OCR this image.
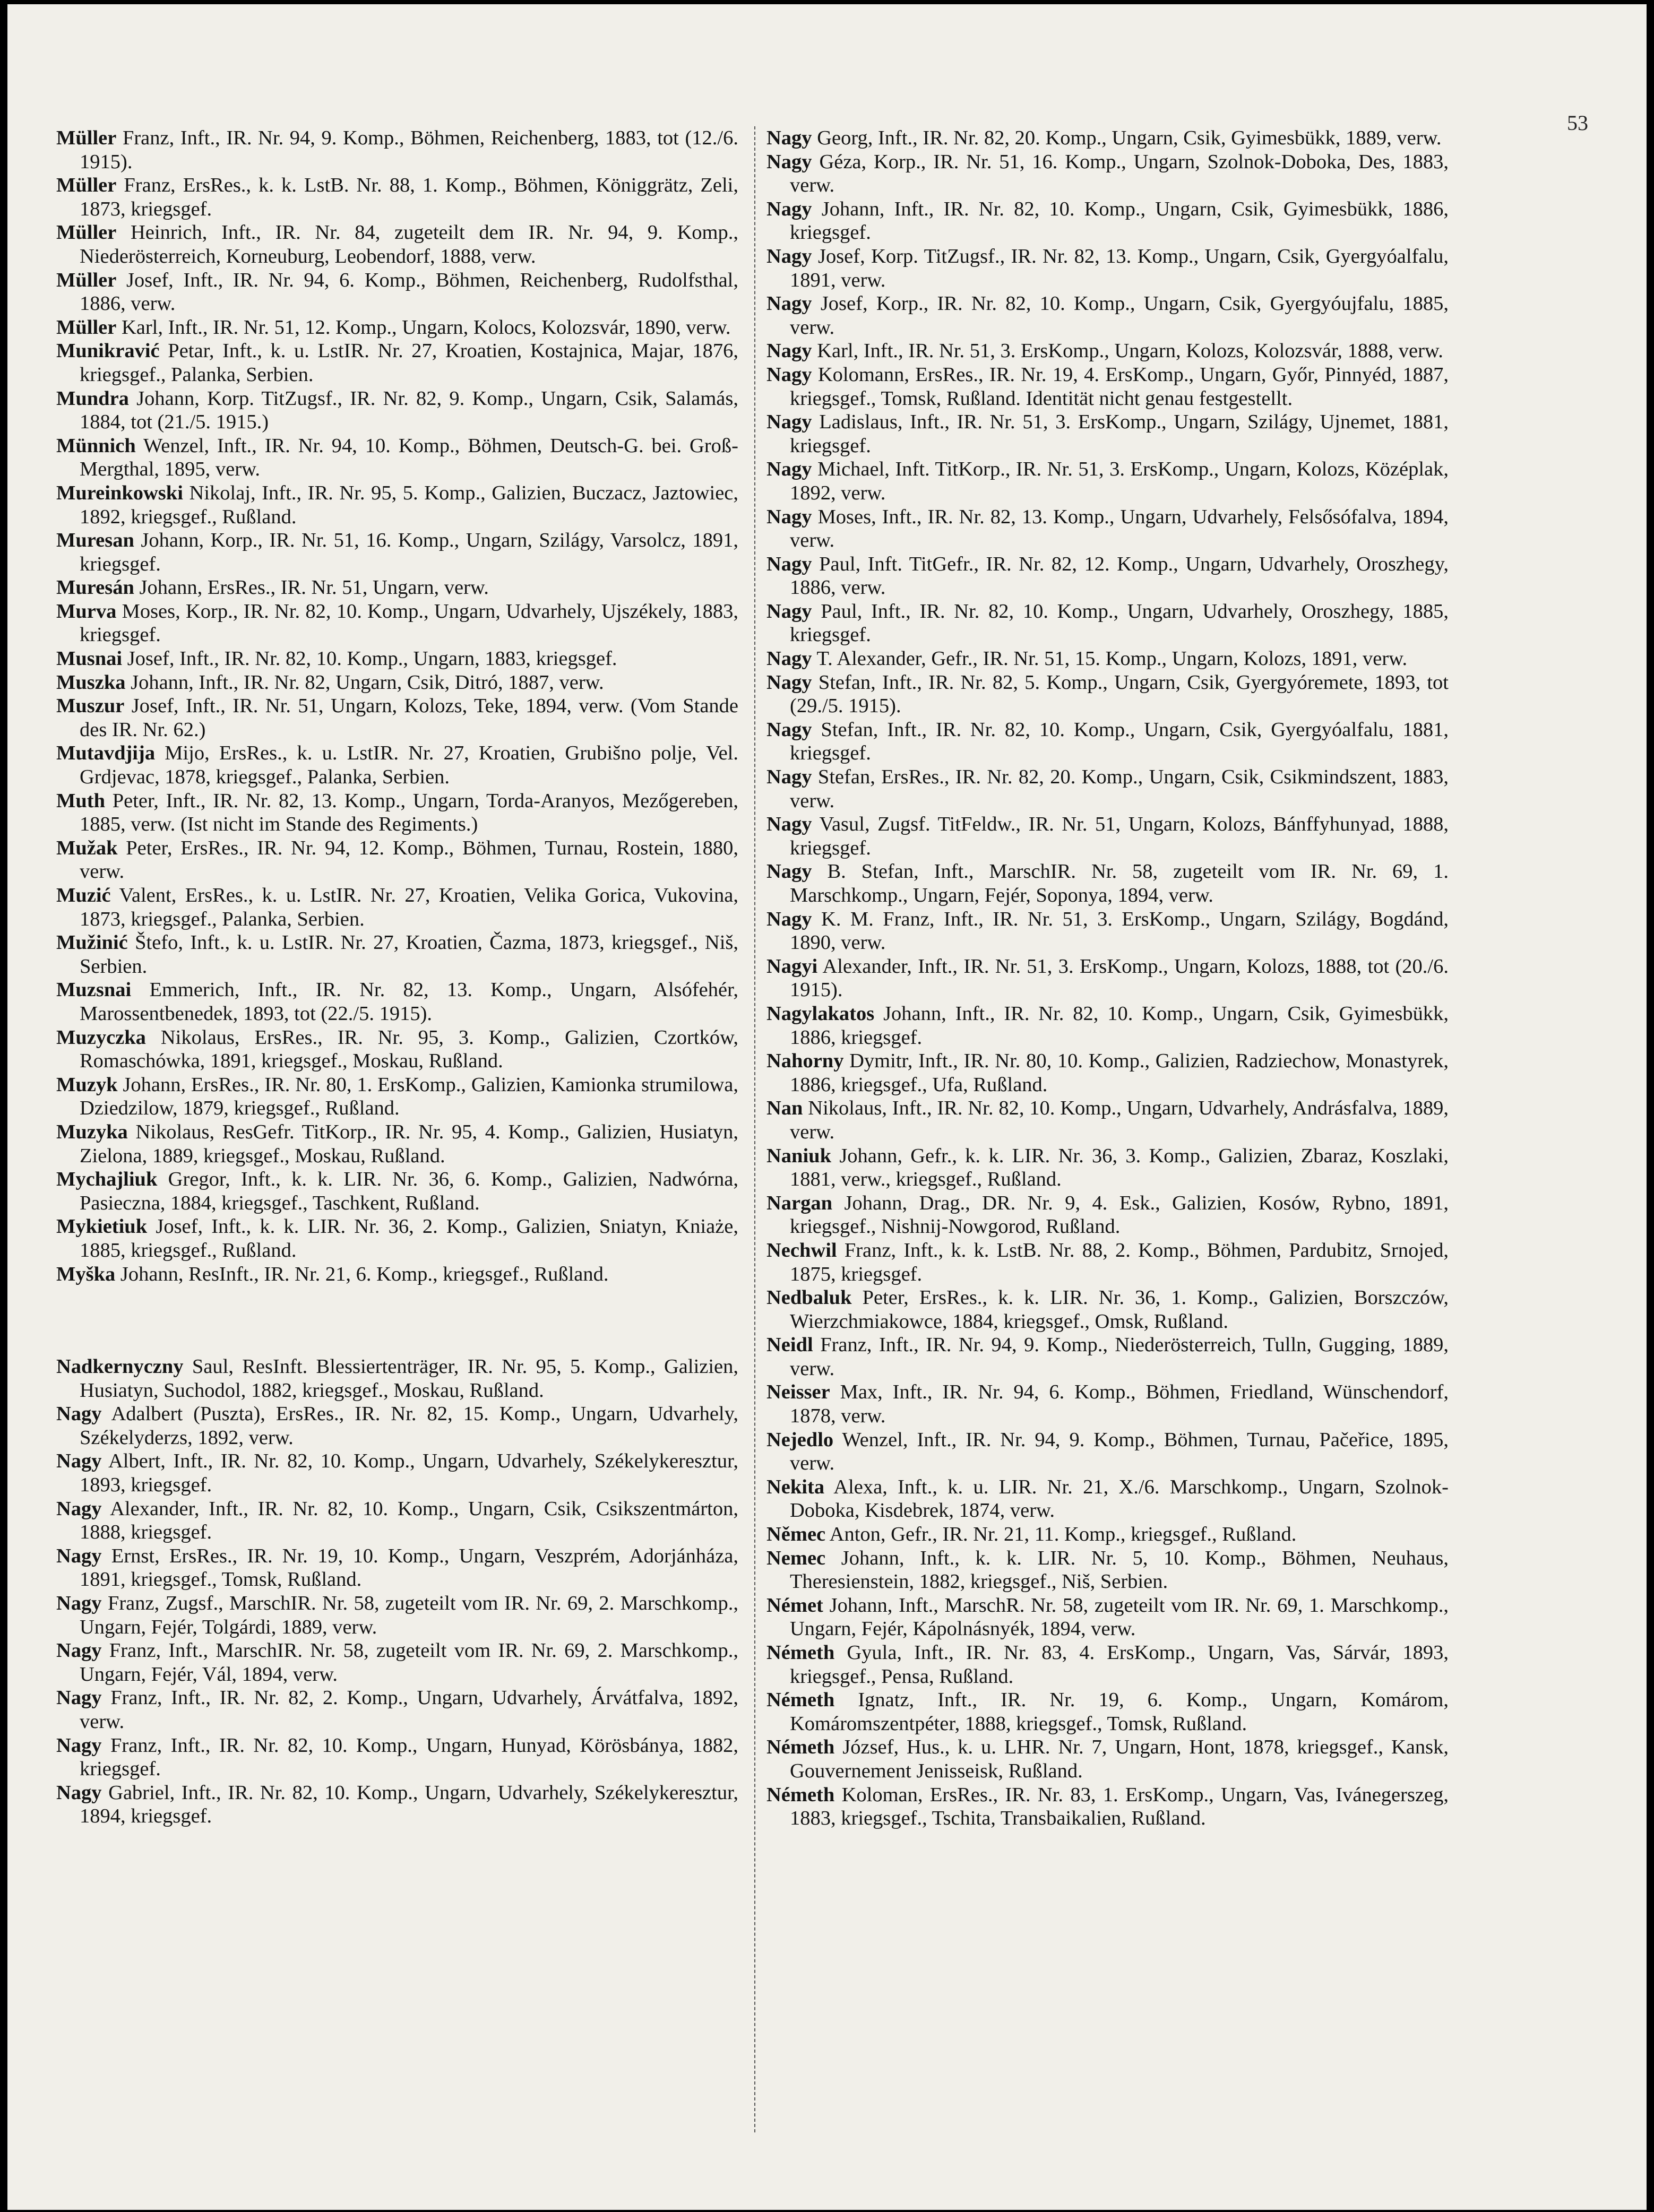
53
Müller Franz, Inft., IR. Nr. 94, 9. Komp., Böhmen, Reichenberg, 1883, tot (12./6. 1915).
Müller Franz, ErsRes., k. k. LstB. Nr. 88, 1. Komp., Böhmen, Königgrätz, Zeli, 1873, kriegsgef.
Müller Heinrich, Inft., IR. Nr. 84, zugeteilt dem IR. Nr. 94, 9. Komp., Niederösterreich, Korneuburg, Leobendorf, 1888, verw.
Müller Josef, Inft., IR. Nr. 94, 6. Komp., Böhmen, Reichenberg, Rudolfsthal, 1886, verw.
Müller Karl, Inft., IR. Nr. 51, 12. Komp., Ungarn, Kolocs, Kolozsvár, 1890, verw.
Munikravić Petar, Inft., k. u. LstIR. Nr. 27, Kroatien, Kostajnica, Majar, 1876, kriegsgef., Palanka, Serbien.
Mundra Johann, Korp. TitZugsf., IR. Nr. 82, 9. Komp., Ungarn, Csik, Salamás, 1884, tot (21./5. 1915.)
Münnich Wenzel, Inft., IR. Nr. 94, 10. Komp., Böhmen, Deutsch-G. bei. Groß-Mergthal, 1895, verw.
Mureinkowski Nikolaj, Inft., IR. Nr. 95, 5. Komp., Galizien, Buczacz, Jaztowiec, 1892, kriegsgef., Rußland.
Muresan Johann, Korp., IR. Nr. 51, 16. Komp., Ungarn, Szilágy, Varsolcz, 1891, kriegsgef.
Muresán Johann, ErsRes., IR. Nr. 51, Ungarn, verw.
Murva Moses, Korp., IR. Nr. 82, 10. Komp., Ungarn, Udvarhely, Ujszékely, 1883, kriegsgef.
Musnai Josef, Inft., IR. Nr. 82, 10. Komp., Ungarn, 1883, kriegsgef.
Muszka Johann, Inft., IR. Nr. 82, Ungarn, Csik, Ditró, 1887, verw.
Muszur Josef, Inft., IR. Nr. 51, Ungarn, Kolozs, Teke, 1894, verw. (Vom Stande des IR. Nr. 62.)
Mutavdjija Mijo, ErsRes., k. u. LstIR. Nr. 27, Kroatien, Grubišno polje, Vel. Grdjevac, 1878, kriegsgef., Palanka, Serbien.
Muth Peter, Inft., IR. Nr. 82, 13. Komp., Ungarn, Torda-Aranyos, Mezőgereben, 1885, verw. (Ist nicht im Stande des Regiments.)
Mužak Peter, ErsRes., IR. Nr. 94, 12. Komp., Böhmen, Turnau, Rostein, 1880, verw.
Muzić Valent, ErsRes., k. u. LstIR. Nr. 27, Kroatien, Velika Gorica, Vukovina, 1873, kriegsgef., Palanka, Serbien.
Mužinić Štefo, Inft., k. u. LstIR. Nr. 27, Kroatien, Čazma, 1873, kriegsgef., Niš, Serbien.
Muzsnai Emmerich, Inft., IR. Nr. 82, 13. Komp., Ungarn, Alsófehér, Marossentbenedek, 1893, tot (22./5. 1915).
Muzyczka Nikolaus, ErsRes., IR. Nr. 95, 3. Komp., Galizien, Czortków, Romaschówka, 1891, kriegsgef., Moskau, Rußland.
Muzyk Johann, ErsRes., IR. Nr. 80, 1. ErsKomp., Galizien, Kamionka strumilowa, Dziedzilow, 1879, kriegsgef., Rußland.
Muzyka Nikolaus, ResGefr. TitKorp., IR. Nr. 95, 4. Komp., Galizien, Husiatyn, Zielona, 1889, kriegsgef., Moskau, Rußland.
Mychajliuk Gregor, Inft., k. k. LIR. Nr. 36, 6. Komp., Galizien, Nadwórna, Pasieczna, 1884, kriegsgef., Taschkent, Rußland.
Mykietiuk Josef, Inft., k. k. LIR. Nr. 36, 2. Komp., Galizien, Sniatyn, Kniaże, 1885, kriegsgef., Rußland.
Myška Johann, ResInft., IR. Nr. 21, 6. Komp., kriegsgef., Rußland.
Nadkernyczny Saul, ResInft. Blessiertenträger, IR. Nr. 95, 5. Komp., Galizien, Husiatyn, Suchodol, 1882, kriegsgef., Moskau, Rußland.
Nagy Adalbert (Puszta), ErsRes., IR. Nr. 82, 15. Komp., Ungarn, Udvarhely, Székelyderzs, 1892, verw.
Nagy Albert, Inft., IR. Nr. 82, 10. Komp., Ungarn, Udvarhely, Székelykeresztur, 1893, kriegsgef.
Nagy Alexander, Inft., IR. Nr. 82, 10. Komp., Ungarn, Csik, Csikszentmárton, 1888, kriegsgef.
Nagy Ernst, ErsRes., IR. Nr. 19, 10. Komp., Ungarn, Veszprém, Adorjánháza, 1891, kriegsgef., Tomsk, Rußland.
Nagy Franz, Zugsf., MarschIR. Nr. 58, zugeteilt vom IR. Nr. 69, 2. Marschkomp., Ungarn, Fejér, Tolgárdi, 1889, verw.
Nagy Franz, Inft., MarschIR. Nr. 58, zugeteilt vom IR. Nr. 69, 2. Marschkomp., Ungarn, Fejér, Vál, 1894, verw.
Nagy Franz, Inft., IR. Nr. 82, 2. Komp., Ungarn, Udvarhely, Árvátfalva, 1892, verw.
Nagy Franz, Inft., IR. Nr. 82, 10. Komp., Ungarn, Hunyad, Körösbánya, 1882, kriegsgef.
Nagy Gabriel, Inft., IR. Nr. 82, 10. Komp., Ungarn, Udvarhely, Székelykeresztur, 1894, kriegsgef.
Nagy Georg, Inft., IR. Nr. 82, 20. Komp., Ungarn, Csik, Gyimesbükk, 1889, verw.
Nagy Géza, Korp., IR. Nr. 51, 16. Komp., Ungarn, Szolnok-Doboka, Des, 1883, verw.
Nagy Johann, Inft., IR. Nr. 82, 10. Komp., Ungarn, Csik, Gyimesbükk, 1886, kriegsgef.
Nagy Josef, Korp. TitZugsf., IR. Nr. 82, 13. Komp., Ungarn, Csik, Gyergyóalfalu, 1891, verw.
Nagy Josef, Korp., IR. Nr. 82, 10. Komp., Ungarn, Csik, Gyergyóujfalu, 1885, verw.
Nagy Karl, Inft., IR. Nr. 51, 3. ErsKomp., Ungarn, Kolozs, Kolozsvár, 1888, verw.
Nagy Kolomann, ErsRes., IR. Nr. 19, 4. ErsKomp., Ungarn, Győr, Pinnyéd, 1887, kriegsgef., Tomsk, Rußland. Identität nicht genau festgestellt.
Nagy Ladislaus, Inft., IR. Nr. 51, 3. ErsKomp., Ungarn, Szilágy, Ujnemet, 1881, kriegsgef.
Nagy Michael, Inft. TitKorp., IR. Nr. 51, 3. ErsKomp., Ungarn, Kolozs, Középlak, 1892, verw.
Nagy Moses, Inft., IR. Nr. 82, 13. Komp., Ungarn, Udvarhely, Felsősófalva, 1894, verw.
Nagy Paul, Inft. TitGefr., IR. Nr. 82, 12. Komp., Ungarn, Udvarhely, Oroszhegy, 1886, verw.
Nagy Paul, Inft., IR. Nr. 82, 10. Komp., Ungarn, Udvarhely, Oroszhegy, 1885, kriegsgef.
Nagy T. Alexander, Gefr., IR. Nr. 51, 15. Komp., Ungarn, Kolozs, 1891, verw.
Nagy Stefan, Inft., IR. Nr. 82, 5. Komp., Ungarn, Csik, Gyergyóremete, 1893, tot (29./5. 1915).
Nagy Stefan, Inft., IR. Nr. 82, 10. Komp., Ungarn, Csik, Gyergyóalfalu, 1881, kriegsgef.
Nagy Stefan, ErsRes., IR. Nr. 82, 20. Komp., Ungarn, Csik, Csikmindszent, 1883, verw.
Nagy Vasul, Zugsf. TitFeldw., IR. Nr. 51, Ungarn, Kolozs, Bánffyhunyad, 1888, kriegsgef.
Nagy B. Stefan, Inft., MarschIR. Nr. 58, zugeteilt vom IR. Nr. 69, 1. Marschkomp., Ungarn, Fejér, Soponya, 1894, verw.
Nagy K. M. Franz, Inft., IR. Nr. 51, 3. ErsKomp., Ungarn, Szilágy, Bogdánd, 1890, verw.
Nagyi Alexander, Inft., IR. Nr. 51, 3. ErsKomp., Ungarn, Kolozs, 1888, tot (20./6. 1915).
Nagylakatos Johann, Inft., IR. Nr. 82, 10. Komp., Ungarn, Csik, Gyimesbükk, 1886, kriegsgef.
Nahorny Dymitr, Inft., IR. Nr. 80, 10. Komp., Galizien, Radziechow, Monastyrek, 1886, kriegsgef., Ufa, Rußland.
Nan Nikolaus, Inft., IR. Nr. 82, 10. Komp., Ungarn, Udvarhely, Andrásfalva, 1889, verw.
Naniuk Johann, Gefr., k. k. LIR. Nr. 36, 3. Komp., Galizien, Zbaraz, Koszlaki, 1881, verw., kriegsgef., Rußland.
Nargan Johann, Drag., DR. Nr. 9, 4. Esk., Galizien, Kosów, Rybno, 1891, kriegsgef., Nishnij-Nowgorod, Rußland.
Nechwil Franz, Inft., k. k. LstB. Nr. 88, 2. Komp., Böhmen, Pardubitz, Srnojed, 1875, kriegsgef.
Nedbaluk Peter, ErsRes., k. k. LIR. Nr. 36, 1. Komp., Galizien, Borszczów, Wierzchmiakowce, 1884, kriegsgef., Omsk, Rußland.
Neidl Franz, Inft., IR. Nr. 94, 9. Komp., Niederösterreich, Tulln, Gugging, 1889, verw.
Neisser Max, Inft., IR. Nr. 94, 6. Komp., Böhmen, Friedland, Wünschendorf, 1878, verw.
Nejedlo Wenzel, Inft., IR. Nr. 94, 9. Komp., Böhmen, Turnau, Pačeřice, 1895, verw.
Nekita Alexa, Inft., k. u. LIR. Nr. 21, X./6. Marschkomp., Ungarn, Szolnok-Doboka, Kisdebrek, 1874, verw.
Němec Anton, Gefr., IR. Nr. 21, 11. Komp., kriegsgef., Rußland.
Nemec Johann, Inft., k. k. LIR. Nr. 5, 10. Komp., Böhmen, Neuhaus, Theresienstein, 1882, kriegsgef., Niš, Serbien.
Német Johann, Inft., MarschR. Nr. 58, zugeteilt vom IR. Nr. 69, 1. Marschkomp., Ungarn, Fejér, Kápolnásnyék, 1894, verw.
Németh Gyula, Inft., IR. Nr. 83, 4. ErsKomp., Ungarn, Vas, Sárvár, 1893, kriegsgef., Pensa, Rußland.
Németh Ignatz, Inft., IR. Nr. 19, 6. Komp., Ungarn, Komárom, Komáromszentpéter, 1888, kriegsgef., Tomsk, Rußland.
Németh József, Hus., k. u. LHR. Nr. 7, Ungarn, Hont, 1878, kriegsgef., Kansk, Gouvernement Jenisseisk, Rußland.
Németh Koloman, ErsRes., IR. Nr. 83, 1. ErsKomp., Ungarn, Vas, Ivánegerszeg, 1883, kriegsgef., Tschita, Transbaikalien, Rußland.
